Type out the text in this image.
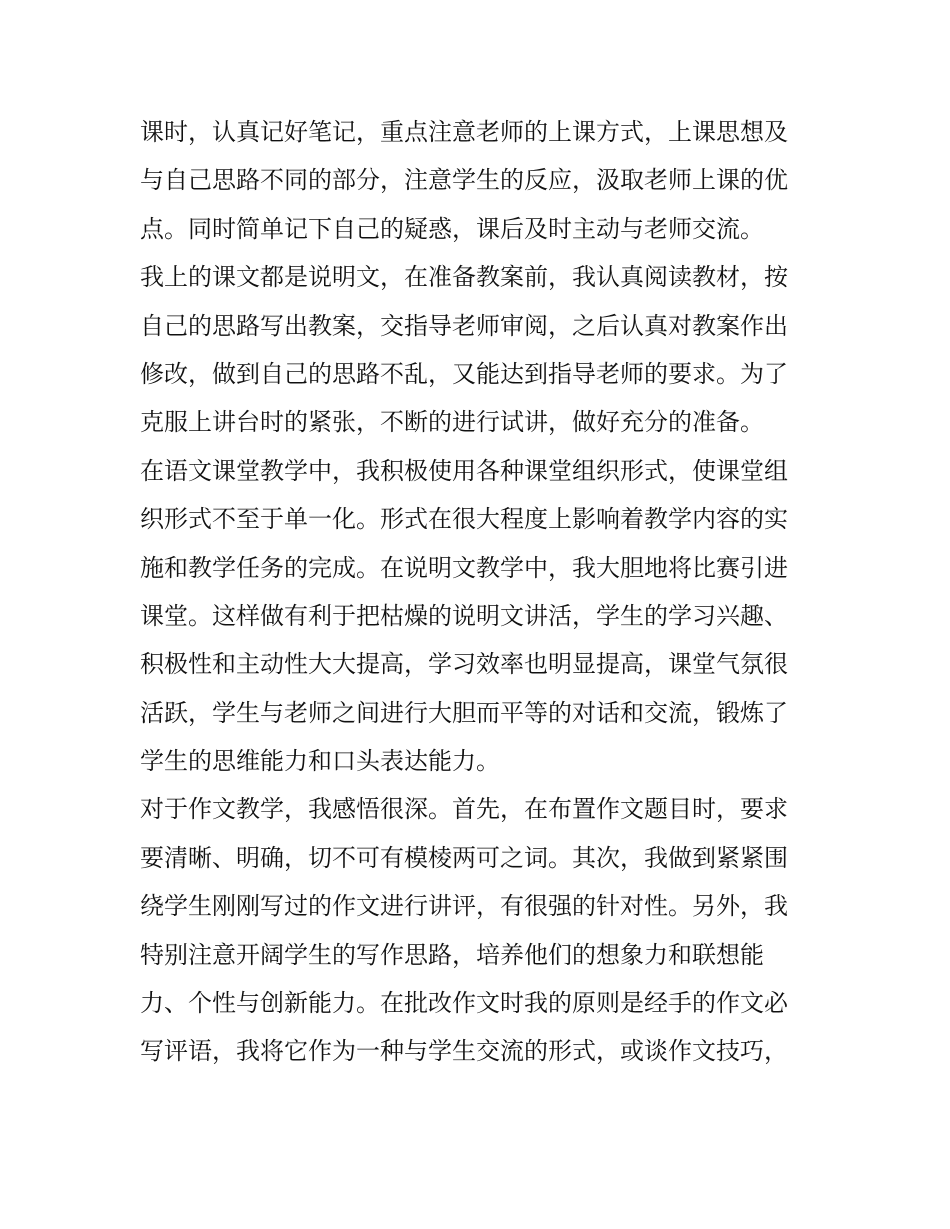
课时，认真记好笔记，重点注意老师的上课方式，上课思想及
与自己思路不同的部分，注意学生的反应，汲取老师上课的优
点。同时简单记下自己的疑惑，课后及时主动与老师交流。
我上的课文都是说明文，在准备教案前，我认真阅读教材，按
自己的思路写出教案，交指导老师审阅，之后认真对教案作出
修改，做到自己的思路不乱，又能达到指导老师的要求。为了
克服上讲台时的紧张，不断的进行试讲，做好充分的准备。
在语文课堂教学中，我积极使用各种课堂组织形式，使课堂组
织形式不至于单一化。形式在很大程度上影响着教学内容的实
施和教学任务的完成。在说明文教学中，我大胆地将比赛引进
课堂。这样做有利于把枯燥的说明文讲活，学生的学习兴趣、
积极性和主动性大大提高，学习效率也明显提高，课堂气氛很
活跃，学生与老师之间进行大胆而平等的对话和交流，锻炼了
学生的思维能力和口头表达能力。
对于作文教学，我感悟很深。首先，在布置作文题目时，要求
要清晰、明确，切不可有模棱两可之词。其次，我做到紧紧围
绕学生刚刚写过的作文进行讲评，有很强的针对性。另外，我
特别注意开阔学生的写作思路，培养他们的想象力和联想能
力、个性与创新能力。在批改作文时我的原则是经手的作文必
写评语，我将它作为一种与学生交流的形式，或谈作文技巧，
